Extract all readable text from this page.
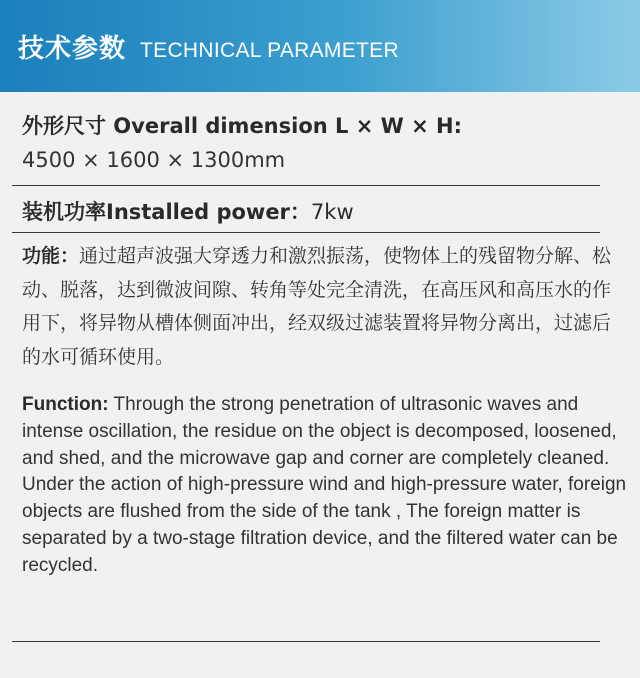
技术参数 TECHNICAL PARAMETER
外形尺寸 Overall dimension L × W × H:
4500 × 1600 × 1300mm
装机功率Installed power：7kw
功能：通过超声波强大穿透力和激烈振荡，使物体上的残留物分解、松动、脱落，达到微波间隙、转角等处完全清洗，在高压风和高压水的作用下，将异物从槽体侧面冲出，经双级过滤装置将异物分离出，过滤后的水可循环使用。
Function: Through the strong penetration of ultrasonic waves and intense oscillation, the residue on the object is decomposed, loosened, and shed, and the microwave gap and corner are completely cleaned. Under the action of high-pressure wind and high-pressure water, foreign objects are flushed from the side of the tank , The foreign matter is separated by a two-stage filtration device, and the filtered water can be recycled.
